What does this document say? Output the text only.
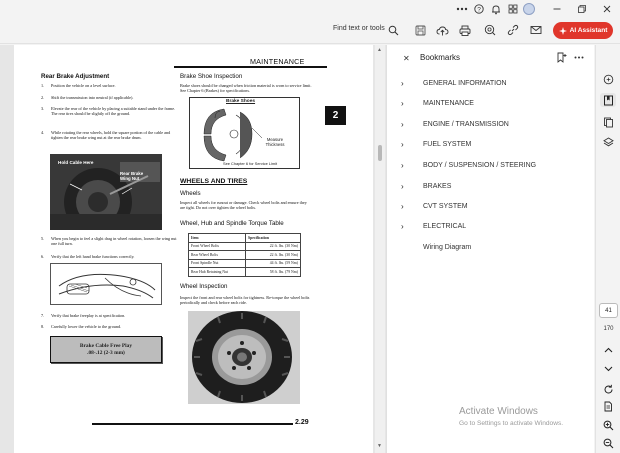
?
Find text or tools	AI Assistant
MAINTENANCE
2
Rear Brake Adjustment
1. Position the vehicle on a level surface.
2. Shift the transmission into neutral (if applicable).
3. Elevate the rear of the vehicle by placing a suitable stand under the frame. The rear tires should be slightly off the ground.
4. While rotating the rear wheels, hold the square portion of the cable and tighten the rear brake wing nut at the rear brake drum.
Hold Cable Here
Rear Brake Wing Nut
5. When you begin to feel a slight drag in wheel rotation, loosen the wing nut one full turn.
6. Verify that the left hand brake functions correctly.
7. Verify that brake freeplay is at specification.
8. Carefully lower the vehicle to the ground.
Brake Cable Free Play
.08-.12 (2-3 mm)
Brake Shoe Inspection
Brake shoes should be changed when friction material is worn to service limit. See Chapter 6 (Brakes) for specifications.
Brake Shoes
Measure Thickness
See Chapter 6 for Service Limit
WHEELS AND TIRES
Wheels
Inspect all wheels for runout or damage. Check wheel bolts and ensure they are tight. Do not over tighten the wheel bolts.
Wheel, Hub and Spindle Torque Table
Item	Specification
Front Wheel Bolts	22 ft. lbs. (30 Nm)
Rear Wheel Bolts	22 ft. lbs. (30 Nm)
Front Spindle Nut	44 ft. lbs. (59 Nm)
Rear Hub Retaining Nut	58 ft. lbs. (79 Nm)
Wheel Inspection
Inspect the front and rear wheel bolts for tightness. Re-torque the wheel bolts periodically and check before each ride.
2.29
▲
▼
✕ Bookmarks
›	GENERAL INFORMATION
›	MAINTENANCE
›	ENGINE / TRANSMISSION
›	FUEL SYSTEM
›	BODY / SUSPENSION / STEERING
›	BRAKES
›	CVT SYSTEM
›	ELECTRICAL
Wiring Diagram
Activate Windows
Go to Settings to activate Windows.
41
170
